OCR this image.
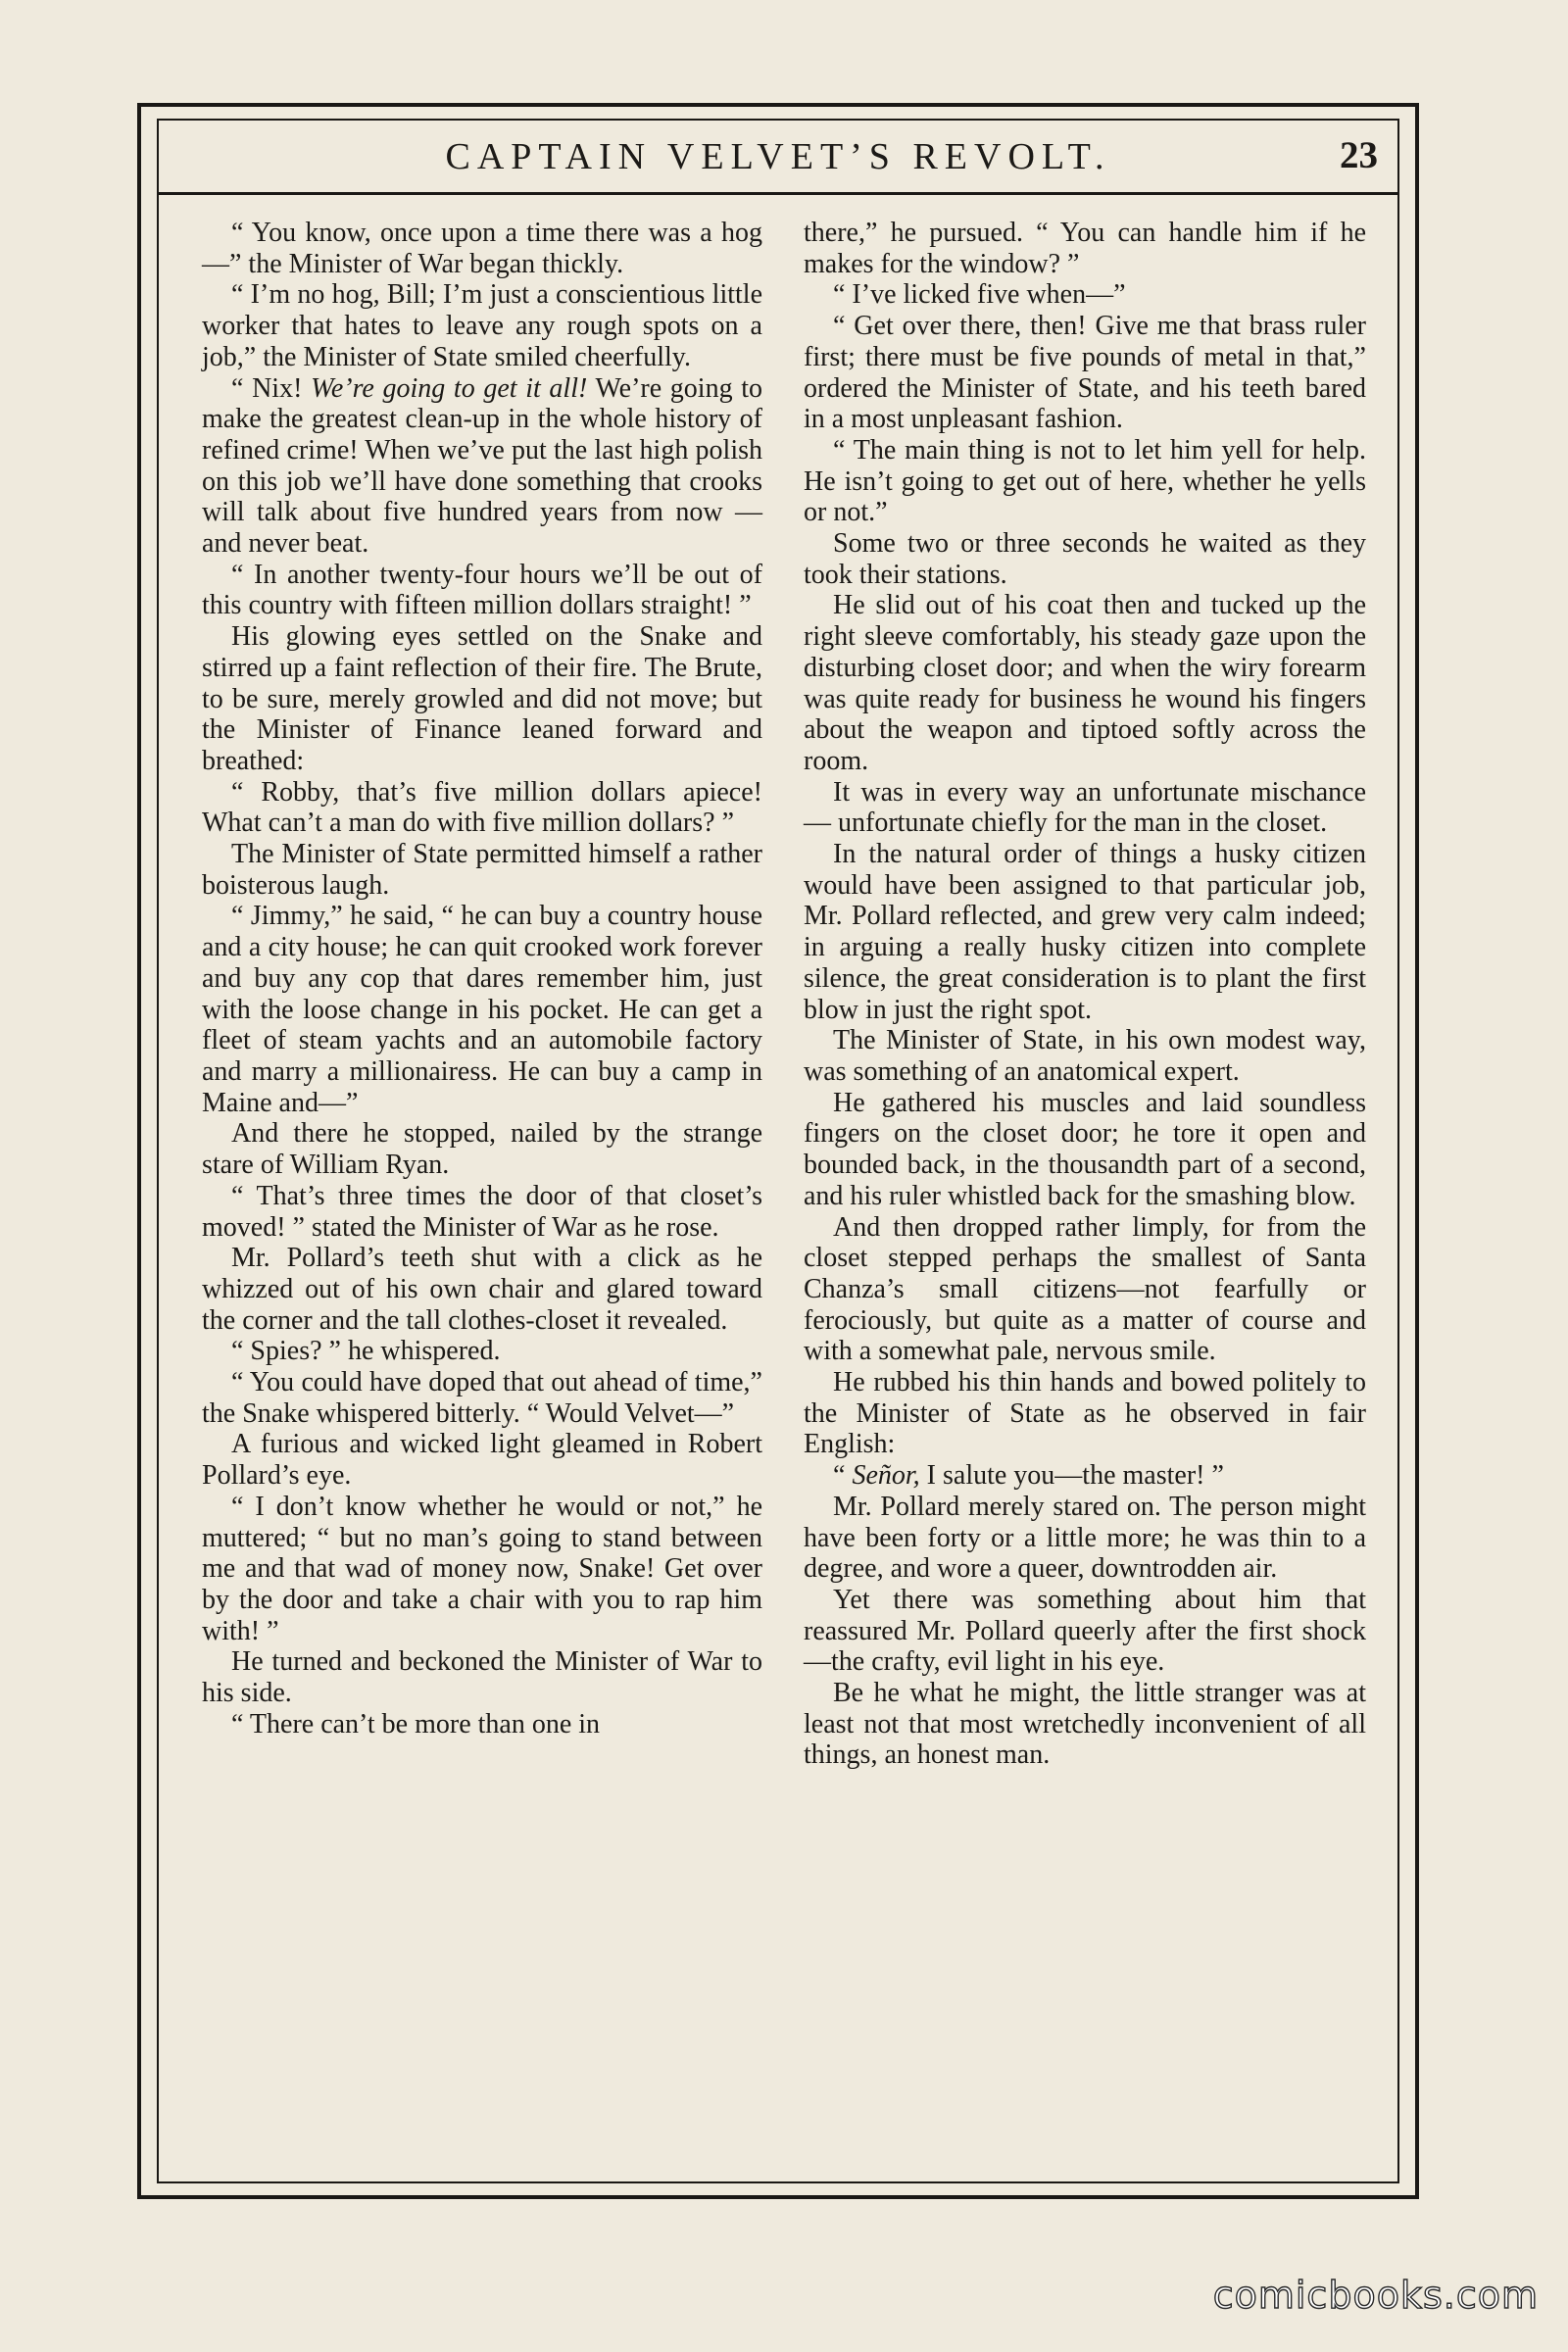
CAPTAIN VELVET’S REVOLT.	23

“ You know, once upon a time there was a hog—” the Minister of War began thickly.

“ I’m no hog, Bill; I’m just a conscientious little worker that hates to leave any rough spots on a job,” the Minister of State smiled cheerfully.

“ Nix! We’re going to get it all! We’re going to make the greatest clean-up in the whole history of refined crime! When we’ve put the last high polish on this job we’ll have done something that crooks will talk about five hundred years from now — and never beat.

“ In another twenty-four hours we’ll be out of this country with fifteen million dollars straight! ”

His glowing eyes settled on the Snake and stirred up a faint reflection of their fire. The Brute, to be sure, merely growled and did not move; but the Minister of Finance leaned forward and breathed:

“ Robby, that’s five million dollars apiece! What can’t a man do with five million dollars? ”

The Minister of State permitted himself a rather boisterous laugh.

“ Jimmy,” he said, “ he can buy a country house and a city house; he can quit crooked work forever and buy any cop that dares remember him, just with the loose change in his pocket. He can get a fleet of steam yachts and an automobile factory and marry a millionairess. He can buy a camp in Maine and—”

And there he stopped, nailed by the strange stare of William Ryan.

“ That’s three times the door of that closet’s moved! ” stated the Minister of War as he rose.

Mr. Pollard’s teeth shut with a click as he whizzed out of his own chair and glared toward the corner and the tall clothes-closet it revealed.

“ Spies? ” he whispered.

“ You could have doped that out ahead of time,” the Snake whispered bitterly. “ Would Velvet—”

A furious and wicked light gleamed in Robert Pollard’s eye.

“ I don’t know whether he would or not,” he muttered; “ but no man’s going to stand between me and that wad of money now, Snake! Get over by the door and take a chair with you to rap him with! ”

He turned and beckoned the Minister of War to his side.

“ There can’t be more than one in

there,” he pursued. “ You can handle him if he makes for the window? ”

“ I’ve licked five when—”

“ Get over there, then! Give me that brass ruler first; there must be five pounds of metal in that,” ordered the Minister of State, and his teeth bared in a most unpleasant fashion.

“ The main thing is not to let him yell for help. He isn’t going to get out of here, whether he yells or not.”

Some two or three seconds he waited as they took their stations.

He slid out of his coat then and tucked up the right sleeve comfortably, his steady gaze upon the disturbing closet door; and when the wiry forearm was quite ready for business he wound his fingers about the weapon and tiptoed softly across the room.

It was in every way an unfortunate mischance — unfortunate chiefly for the man in the closet.

In the natural order of things a husky citizen would have been assigned to that particular job, Mr. Pollard reflected, and grew very calm indeed; in arguing a really husky citizen into complete silence, the great consideration is to plant the first blow in just the right spot.

The Minister of State, in his own modest way, was something of an anatomical expert.

He gathered his muscles and laid soundless fingers on the closet door; he tore it open and bounded back, in the thousandth part of a second, and his ruler whistled back for the smashing blow.

And then dropped rather limply, for from the closet stepped perhaps the smallest of Santa Chanza’s small citizens—not fearfully or ferociously, but quite as a matter of course and with a somewhat pale, nervous smile.

He rubbed his thin hands and bowed politely to the Minister of State as he observed in fair English:

“ Señor, I salute you—the master! ”

Mr. Pollard merely stared on. The person might have been forty or a little more; he was thin to a degree, and wore a queer, downtrodden air.

Yet there was something about him that reassured Mr. Pollard queerly after the first shock—the crafty, evil light in his eye.

Be he what he might, the little stranger was at least not that most wretchedly inconvenient of all things, an honest man.

comicbooks.com
